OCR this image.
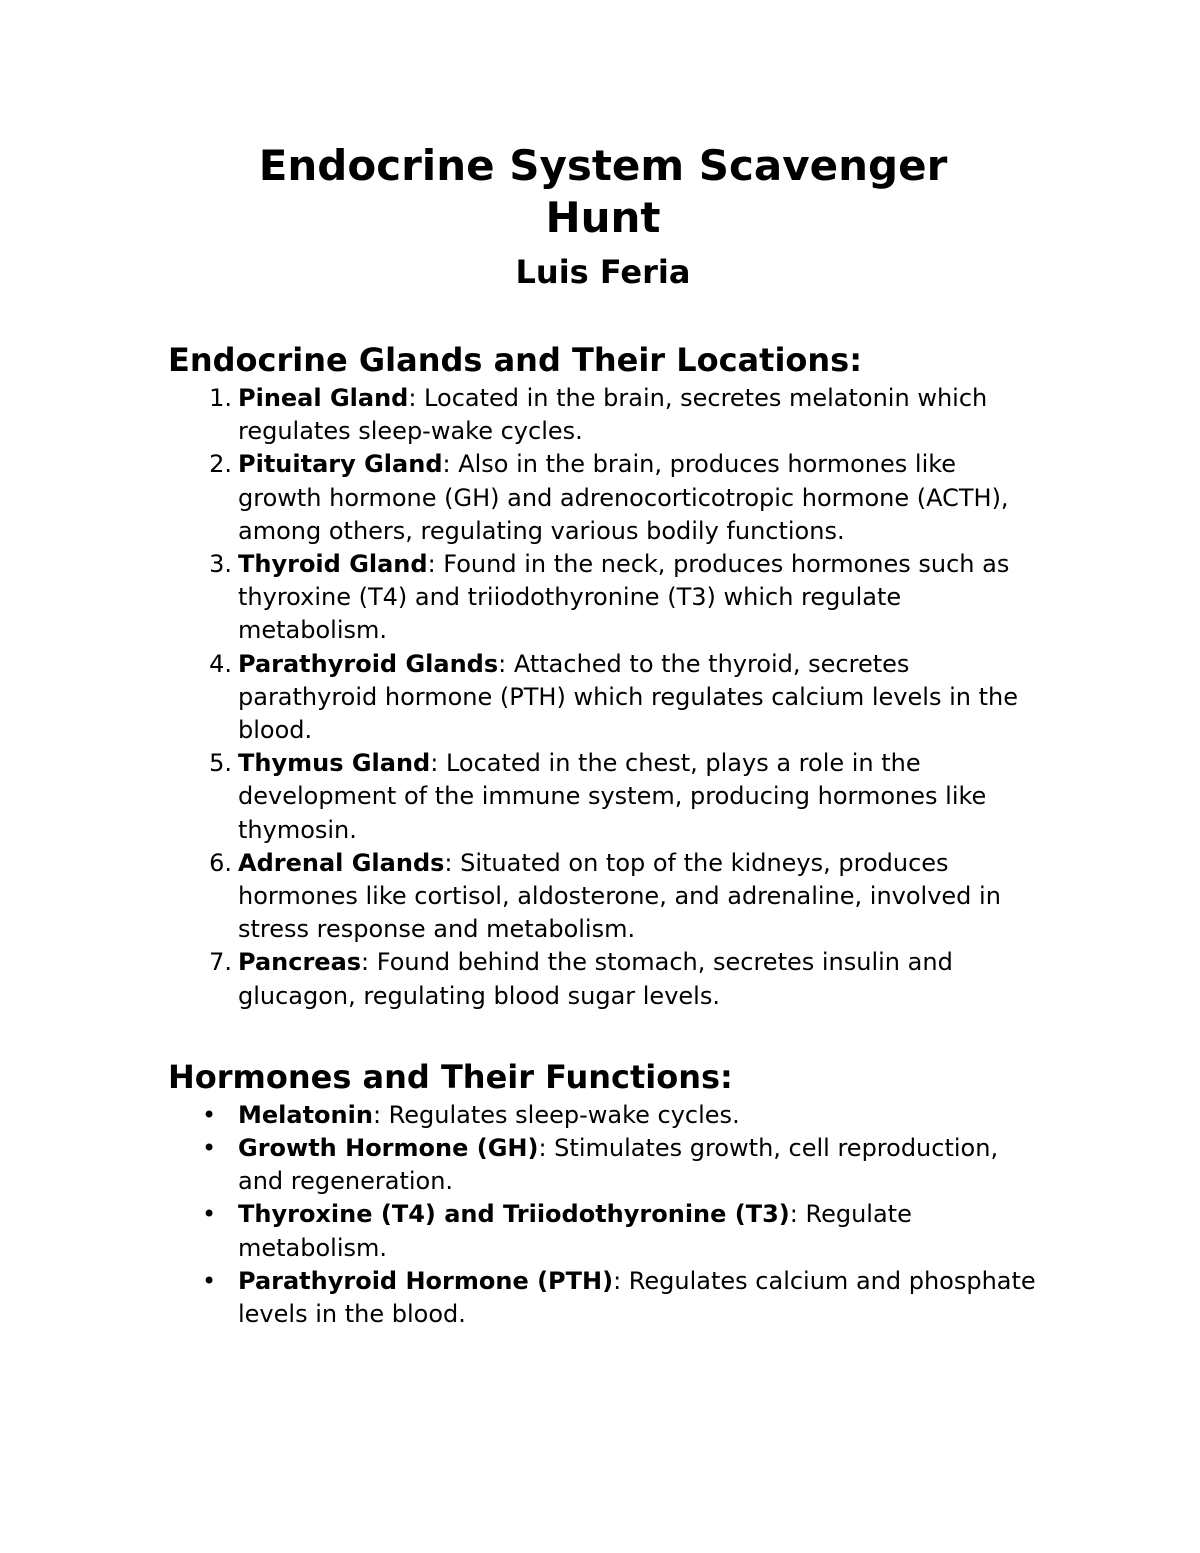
Endocrine System Scavenger Hunt
Luis Feria
Endocrine Glands and Their Locations:
1. Pineal Gland: Located in the brain, secretes melatonin which regulates sleep-wake cycles.
2. Pituitary Gland: Also in the brain, produces hormones like growth hormone (GH) and adrenocorticotropic hormone (ACTH), among others, regulating various bodily functions.
3. Thyroid Gland: Found in the neck, produces hormones such as thyroxine (T4) and triiodothyronine (T3) which regulate metabolism.
4. Parathyroid Glands: Attached to the thyroid, secretes parathyroid hormone (PTH) which regulates calcium levels in the blood.
5. Thymus Gland: Located in the chest, plays a role in the development of the immune system, producing hormones like thymosin.
6. Adrenal Glands: Situated on top of the kidneys, produces hormones like cortisol, aldosterone, and adrenaline, involved in stress response and metabolism.
7. Pancreas: Found behind the stomach, secretes insulin and glucagon, regulating blood sugar levels.
Hormones and Their Functions:
• Melatonin: Regulates sleep-wake cycles.
• Growth Hormone (GH): Stimulates growth, cell reproduction, and regeneration.
• Thyroxine (T4) and Triiodothyronine (T3): Regulate metabolism.
• Parathyroid Hormone (PTH): Regulates calcium and phosphate levels in the blood.
